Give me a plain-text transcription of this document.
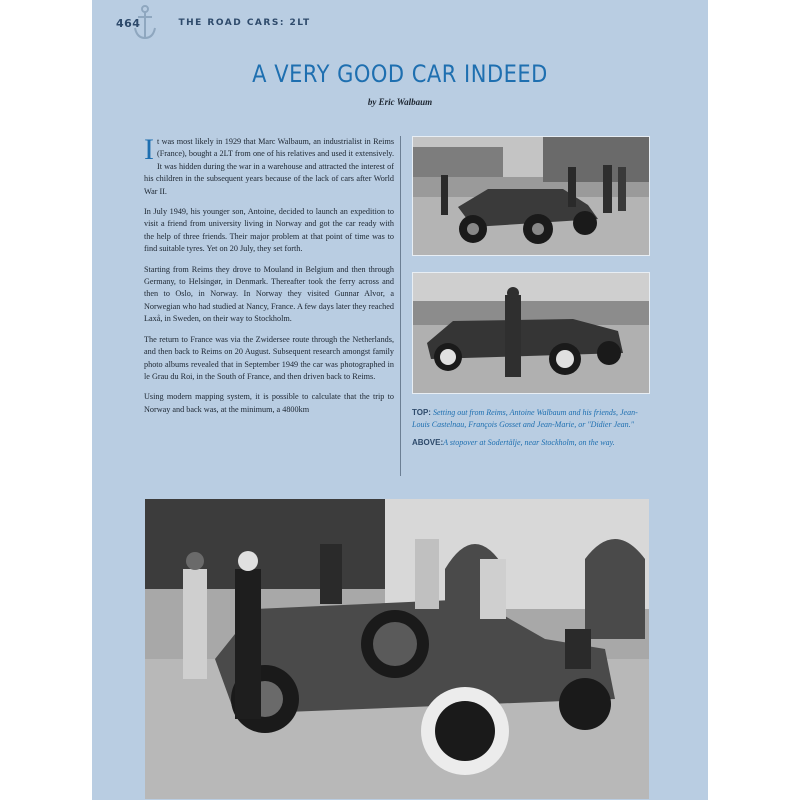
464	THE ROAD CARS: 2LT
A VERY GOOD CAR INDEED
by Eric Walbaum

It was most likely in 1929 that Marc Walbaum, an industrialist in Reims (France), bought a 2LT from one of his relatives and used it extensively. It was hidden during the war in a warehouse and attracted the interest of his children in the subsequent years because of the lack of cars after World War II.

In July 1949, his younger son, Antoine, decided to launch an expedition to visit a friend from university living in Norway and got the car ready with the help of three friends. Their major problem at that point of time was to find suitable tyres. Yet on 20 July, they set forth.

Starting from Reims they drove to Mouland in Belgium and then through Germany, to Helsingør, in Denmark. Thereafter took the ferry across and then to Oslo, in Norway. In Norway they visited Gunnar Alvor, a Norwegian who had studied at Nancy, France. A few days later they reached Laxå, in Sweden, on their way to Stockholm.

The return to France was via the Zwidersee route through the Netherlands, and then back to Reims on 20 August. Subsequent research amongst family photo albums revealed that in September 1949 the car was photographed in le Grau du Roi, in the South of France, and then driven back to Reims.

Using modern mapping system, it is possible to calculate that the trip to Norway and back was, at the minimum, a 4800km	TOP: Setting out from Reims, Antoine Walbaum and his friends, Jean-Louis Castelnau, François Gosset and Jean-Marie, or "Didier Jean."

ABOVE:A stopover at Sodertälje, near Stockholm, on the way.
